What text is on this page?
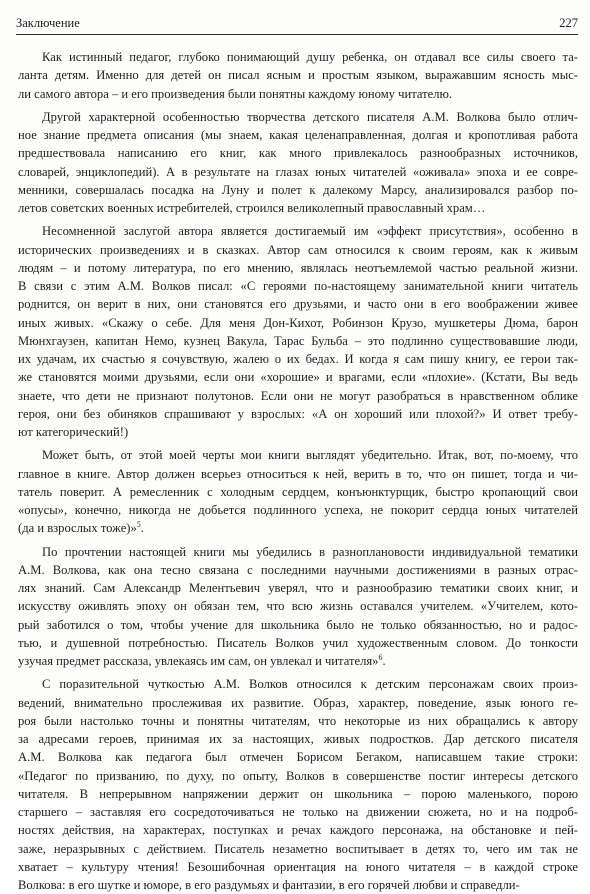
Заключение	227
Как истинный педагог, глубоко понимающий душу ребенка, он отдавал все силы своего та-
ланта детям. Именно для детей он писал ясным и простым языком, выражавшим ясность мыс-
ли самого автора – и его произведения были понятны каждому юному читателю.
Другой характерной особенностью творчества детского писателя А.М. Волкова было отлич-
ное знание предмета описания (мы знаем, какая целенаправленная, долгая и кропотливая работа
предшествовала написанию его книг, как много привлекалось разнообразных источников,
словарей, энциклопедий). А в результате на глазах юных читателей «оживала» эпоха и ее совре-
менники, совершалась посадка на Луну и полет к далекому Марсу, анализировался разбор по-
летов советских военных истребителей, строился великолепный православный храм…
Несомненной заслугой автора является достигаемый им «эффект присутствия», особенно в
исторических произведениях и в сказках. Автор сам относился к своим героям, как к живым
людям – и потому литература, по его мнению, являлась неотъемлемой частью реальной жизни.
В связи с этим А.М. Волков писал: «С героями по-настоящему занимательной книги читатель
роднится, он верит в них, они становятся его друзьями, и часто они в его воображении живее
иных живых. «Скажу о себе. Для меня Дон-Кихот, Робинзон Крузо, мушкетеры Дюма, барон
Мюнхгаузен, капитан Немо, кузнец Вакула, Тарас Бульба – это подлинно существовавшие люди,
их удачам, их счастью я сочувствую, жалею о их бедах. И когда я сам пишу книгу, ее герои так-
же становятся моими друзьями, если они «хорошие» и врагами, если «плохие». (Кстати, Вы ведь
знаете, что дети не признают полутонов. Если они не могут разобраться в нравственном облике
героя, они без обиняков спрашивают у взрослых: «А он хороший или плохой?» И ответ требу-
ют категорический!)
Может быть, от этой моей черты мои книги выглядят убедительно. Итак, вот, по-моему, что
главное в книге. Автор должен всерьез относиться к ней, верить в то, что он пишет, тогда и чи-
татель поверит. А ремесленник с холодным сердцем, конъюнктурщик, быстро кропающий свои
«опусы», конечно, никогда не добьется подлинного успеха, не покорит сердца юных читателей
(да и взрослых тоже)»$^5$.
По прочтении настоящей книги мы убедились в разноплановости индивидуальной тематики
А.М. Волкова, как она тесно связана с последними научными достижениями в разных отрас-
лях знаний. Сам Александр Мелентьевич уверял, что и разнообразию тематики своих книг, и
искусству оживлять эпоху он обязан тем, что всю жизнь оставался учителем. «Учителем, кото-
рый заботился о том, чтобы учение для школьника было не только обязанностью, но и радос-
тью, и душевной потребностью. Писатель Волков учил художественным словом. До тонкости
узучая предмет рассказа, увлекаясь им сам, он увлекал и читателя»$^6$.
С поразительной чуткостью А.М. Волков относился к детским персонажам своих произ-
ведений, внимательно прослеживая их развитие. Образ, характер, поведение, язык юного ге-
роя были настолько точны и понятны читателям, что некоторые из них обращались к автору
за адресами героев, принимая их за настоящих, живых подростков. Дар детского писателя
А.М. Волкова как педагога был отмечен Борисом Бегаком, написавшем такие строки:
«Педагог по призванию, по духу, по опыту, Волков в совершенстве постиг интересы детского
читателя. В непрерывном напряжении держит он школьника – порою маленького, порою
старшего – заставляя его сосредоточиваться не только на движении сюжета, но и на подроб-
ностях действия, на характерах, поступках и речах каждого персонажа, на обстановке и пей-
заже, неразрывных с действием. Писатель незаметно воспитывает в детях то, чего им так не
хватает – культуру чтения! Безошибочная ориентация на юного читателя – в каждой строке
Волкова: в его шутке и юморе, в его раздумьях и фантазии, в его горячей любви и справедли-
